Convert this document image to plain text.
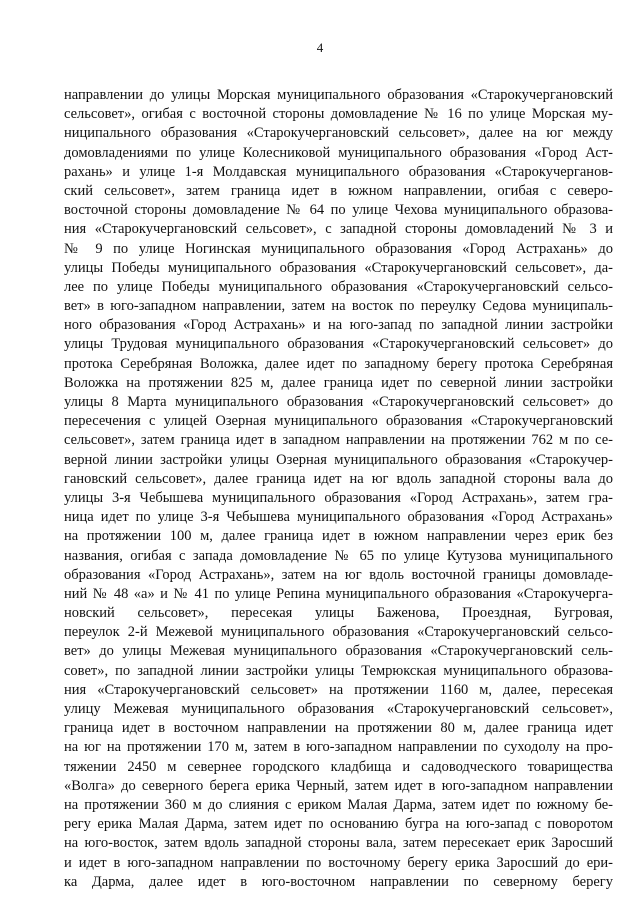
4
направлении до улицы Морская муниципального образования «Старокучергановский
сельсовет», огибая с восточной стороны домовладение № 16 по улице Морская му-
ниципального образования «Старокучергановский сельсовет», далее на юг между
домовладениями по улице Колесниковой муниципального образования «Город Аст-
рахань» и улице 1-я Молдавская муниципального образования «Старокучерганов-
ский сельсовет», затем граница идет в южном направлении, огибая с северо-
восточной стороны домовладение № 64 по улице Чехова муниципального образова-
ния «Старокучергановский сельсовет», с западной стороны домовладений № 3 и
№ 9 по улице Ногинская муниципального образования «Город Астрахань» до
улицы Победы муниципального образования «Старокучергановский сельсовет», да-
лее по улице Победы муниципального образования «Старокучергановский сельсо-
вет» в юго-западном направлении, затем на восток по переулку Седова муниципаль-
ного образования «Город Астрахань» и на юго-запад по западной линии застройки
улицы Трудовая муниципального образования «Старокучергановский сельсовет» до
протока Серебряная Воложка, далее идет по западному берегу протока Серебряная
Воложка на протяжении 825 м, далее граница идет по северной линии застройки
улицы 8 Марта муниципального образования «Старокучергановский сельсовет» до
пересечения с улицей Озерная муниципального образования «Старокучергановский
сельсовет», затем граница идет в западном направлении на протяжении 762 м по се-
верной линии застройки улицы Озерная муниципального образования «Старокучер-
гановский сельсовет», далее граница идет на юг вдоль западной стороны вала до
улицы 3-я Чебышева муниципального образования «Город Астрахань», затем гра-
ница идет по улице 3-я Чебышева муниципального образования «Город Астрахань»
на протяжении 100 м, далее граница идет в южном направлении через ерик без
названия, огибая с запада домовладение № 65 по улице Кутузова муниципального
образования «Город Астрахань», затем на юг вдоль восточной границы домовладе-
ний № 48 «а» и № 41 по улице Репина муниципального образования «Старокучерга-
новский сельсовет», пересекая улицы Баженова, Проездная, Бугровая,
переулок 2-й Межевой муниципального образования «Старокучергановский сельсо-
вет» до улицы Межевая муниципального образования «Старокучергановский сель-
совет», по западной линии застройки улицы Темрюкская муниципального образова-
ния «Старокучергановский сельсовет» на протяжении 1160 м, далее, пересекая
улицу Межевая муниципального образования «Старокучергановский сельсовет»,
граница идет в восточном направлении на протяжении 80 м, далее граница идет
на юг на протяжении 170 м, затем в юго-западном направлении по суходолу на про-
тяжении 2450 м севернее городского кладбища и садоводческого товарищества
«Волга» до северного берега ерика Черный, затем идет в юго-западном направлении
на протяжении 360 м до слияния с ериком Малая Дарма, затем идет по южному бе-
регу ерика Малая Дарма, затем идет по основанию бугра на юго-запад с поворотом
на юго-восток, затем вдоль западной стороны вала, затем пересекает ерик Заросший
и идет в юго-западном направлении по восточному берегу ерика Заросший до ери-
ка Дарма, далее идет в юго-восточном направлении по северному берегу
